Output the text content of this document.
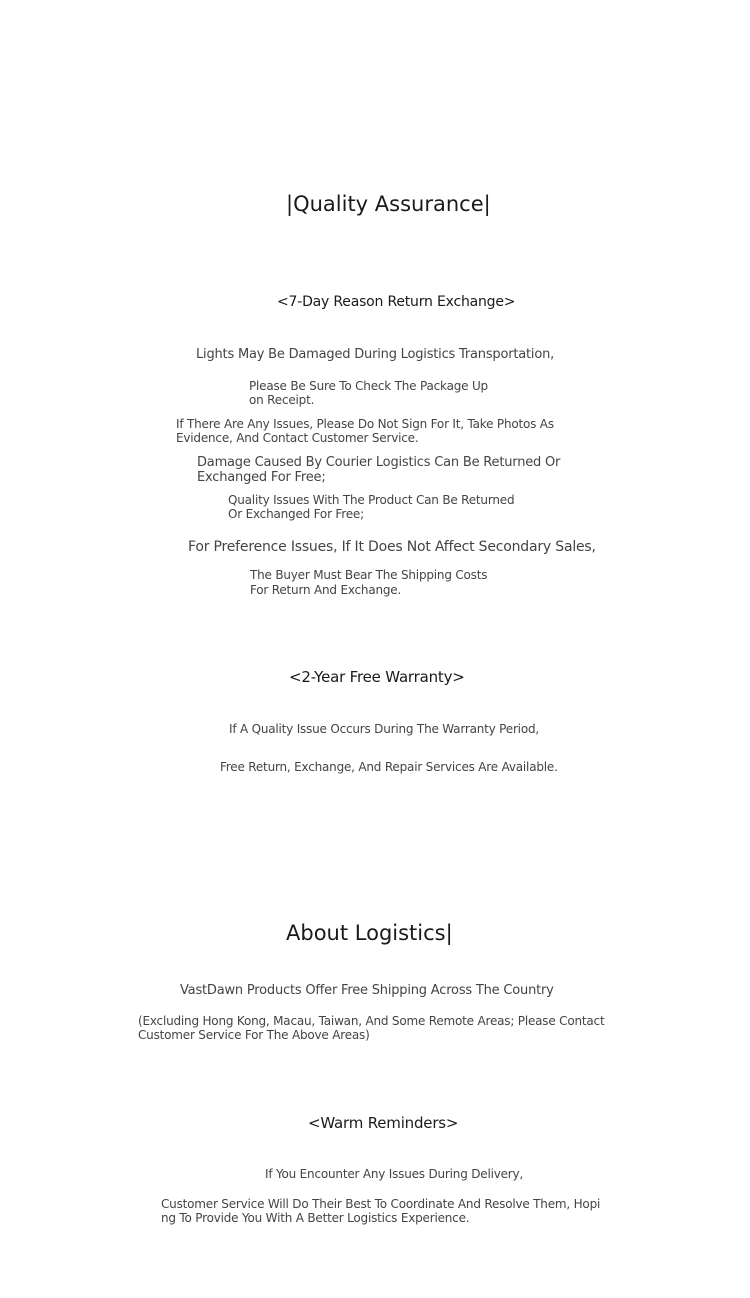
|Quality Assurance|
<7-Day Reason Return Exchange>
Lights May Be Damaged During Logistics Transportation,
Please Be Sure To Check The Package Upon Receipt.
If There Are Any Issues, Please Do Not Sign For It, Take Photos As Evidence, And Contact Customer Service.
Damage Caused By Courier Logistics Can Be Returned Or Exchanged For Free;
Quality Issues With The Product Can Be Returned Or Exchanged For Free;
For Preference Issues, If It Does Not Affect Secondary Sales,
The Buyer Must Bear The Shipping Costs For Return And Exchange.
<2-Year Free Warranty>
If A Quality Issue Occurs During The Warranty Period,
Free Return, Exchange, And Repair Services Are Available.
About Logistics|
VastDawn Products Offer Free Shipping Across The Country
(Excluding Hong Kong, Macau, Taiwan, And Some Remote Areas; Please Contact Customer Service For The Above Areas)
<Warm Reminders>
If You Encounter Any Issues During Delivery,
Customer Service Will Do Their Best To Coordinate And Resolve Them, Hoping To Provide You With A Better Logistics Experience.
